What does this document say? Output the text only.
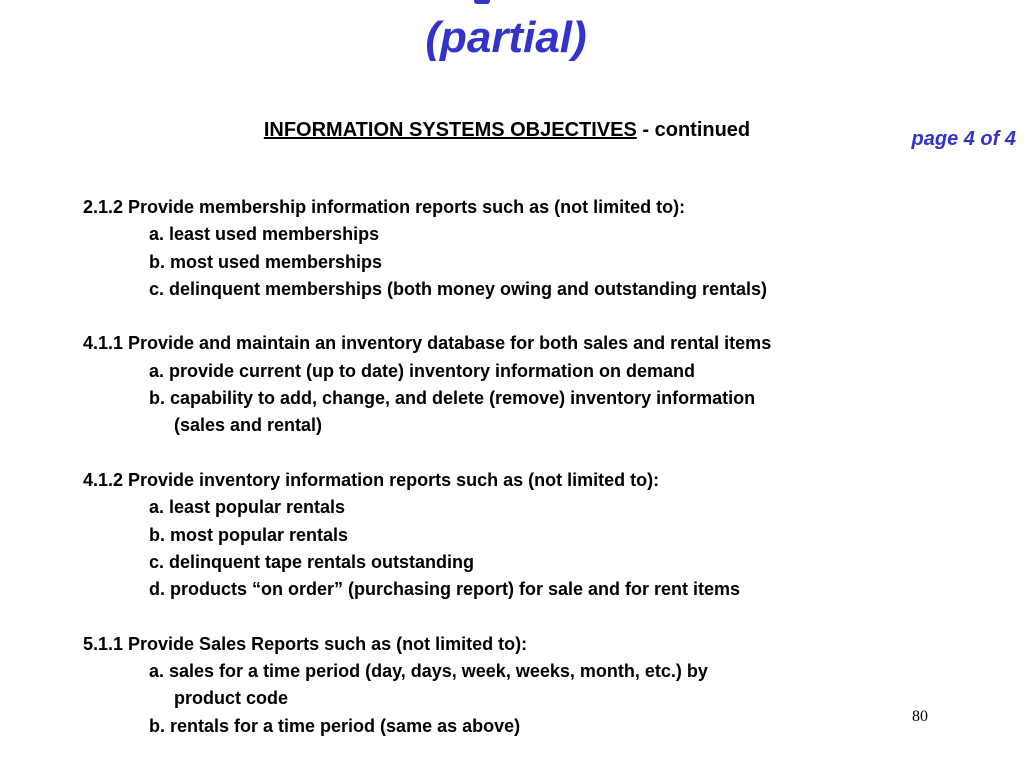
(partial)
INFORMATION SYSTEMS OBJECTIVES - continued	page 4 of 4
2.1.2 Provide membership information reports such as (not limited to):
a. least used memberships
b. most used memberships
c. delinquent memberships (both money owing and outstanding rentals)
4.1.1 Provide and maintain an inventory database for both sales and rental items
a. provide current (up to date) inventory information on demand
b. capability to add, change, and delete (remove) inventory information
(sales and rental)
4.1.2 Provide inventory information reports such as (not limited to):
a. least popular rentals
b. most popular rentals
c. delinquent tape rentals outstanding
d. products “on order” (purchasing report) for sale and for rent items
5.1.1 Provide Sales Reports such as (not limited to):
a. sales for a time period (day, days, week, weeks, month, etc.) by
product code
b. rentals for a time period (same as above)	80
